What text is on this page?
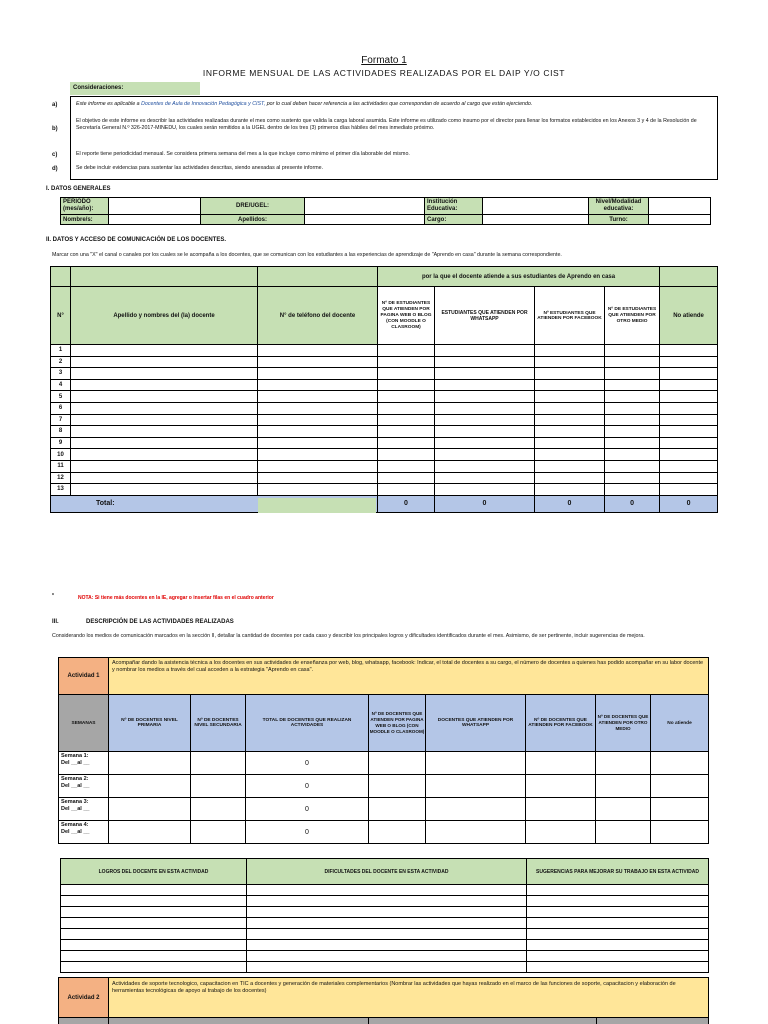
Formato 1
INFORME MENSUAL DE LAS ACTIVIDADES REALIZADAS POR EL DAIP Y/O CIST
Consideraciones:
a)	Este informe es aplicable a Docentes de Aula de Innovación Pedagógica y CIST, por lo cual deben hacer referencia a las actividades que correspondan de acuerdo al cargo que están ejerciendo.
b)
El objetivo de este informe es describir las actividades realizadas durante el mes como sustento que valida la carga laboral asumida. Este informe es utilizado como insumo por el director para llenar los formatos establecidos en los Anexos 3 y 4 de la Resolución de Secretaría General N.º 326-2017-MINEDU, los cuales serán remitidos a la UGEL dentro de los tres (3) primeros días hábiles del mes inmediato próximo.
c)	El reporte tiene periodicidad mensual. Se considera primera semana del mes a la que incluye como mínimo el primer día laborable del mismo.
d)	Se debe incluir evidencias para sustentar las actividades descritas, siendo anexadas al presente informe.
I. DATOS GENERALES
PERIODO (mes/año):		DRE/UGEL:		Institución Educativa:		Nivel/Modalidad educativa:	
Nombre/s:		Apellidos:		Cargo:		Turno:	
II. DATOS Y ACCESO DE COMUNICACIÓN DE LOS DOCENTES.
Marcar con una "X" el canal o canales por los cuales se le acompaña a los docentes, que se comunican con los estudiantes a las experiencias de aprendizaje de "Aprendo en casa" durante la semana correspondiente.
			por la que el docente atiende a sus estudiantes de Aprendo en casa				
N°	Apellido y nombres del (la) docente	N° de teléfono del docente	Nº DE ESTUDIANTES QUE ATIENDEN POR PAGINA WEB O BLOG (CON MOODLE O CLASROOM)	ESTUDIANTES QUE ATIENDEN POR WHATSAPP	Nº ESTUDIANTES QUE ATIENDEN POR FACEBOOK	Nº DE ESTUDIANTES QUE ATIENDEN POR OTRO MEDIO	No atiende
1							
2							
3							
4							
5							
6							
7							
8							
9							
10							
11							
12							
13							
Total:			0	0	0	0	0
*	NOTA: Si tiene más docentes en la IE, agregar o insertar filas en el cuadro anterior
III.	DESCRIPCIÓN DE LAS ACTIVIDADES REALIZADAS
Considerando los medios de comunicación marcados en la sección II, detallar la cantidad de docentes por cada caso y describir los principales logros y dificultades identificados durante el mes. Asimismo, de ser pertinente, incluir sugerencias de mejora.
Actividad 1	Acompañar dando la asistencia técnica a los docentes en sus actividades de enseñanza por web, blog, whatsapp, facebook: Indicar, el total de docentes a su cargo, el número de docentes a quienes has podido acompañar en su labor docente y nombrar los medios a través del cual acceden a la estrategia "Aprendo en casa".							
SEMANAS	Nº DE DOCENTES NIVEL PRIMARIA	Nº DE DOCENTES NIVEL SECUNDARIA	TOTAL DE DOCENTES QUE REALIZAN ACTIVIDADES	Nº DE DOCENTES QUE ATIENDEN POR PAGINA WEB O BLOG (CON MOODLE O CLASROOM)	DOCENTES QUE ATIENDEN POR WHATSAPP	Nº DE DOCENTES QUE ATIENDEN POR FACEBOOK	Nº DE DOCENTES QUE ATIENDEN POR OTRO MEDIO	No atiende
Semana 1:
Del __al __			0					
Semana 2:
Del __al __			0					
Semana 3:
Del __al __			0					
Semana 4:
Del __al __			0					
LOGROS DEL DOCENTE EN ESTA ACTIVIDAD	DIFICULTADES DEL DOCENTE EN ESTA ACTIVIDAD	SUGERENCIAS PARA MEJORAR SU TRABAJO EN ESTA ACTIVIDAD

Actividad 2	Actividades de soporte tecnologico, capacitacion en TIC a docentes y generación de materiales complementarios (Nombrar las actividades que hayas realizado en el marco de las funciones de soporte, capacitacion y elaboración de herramientas tecnológicas de apoyo al trabajo de los docentes)		
